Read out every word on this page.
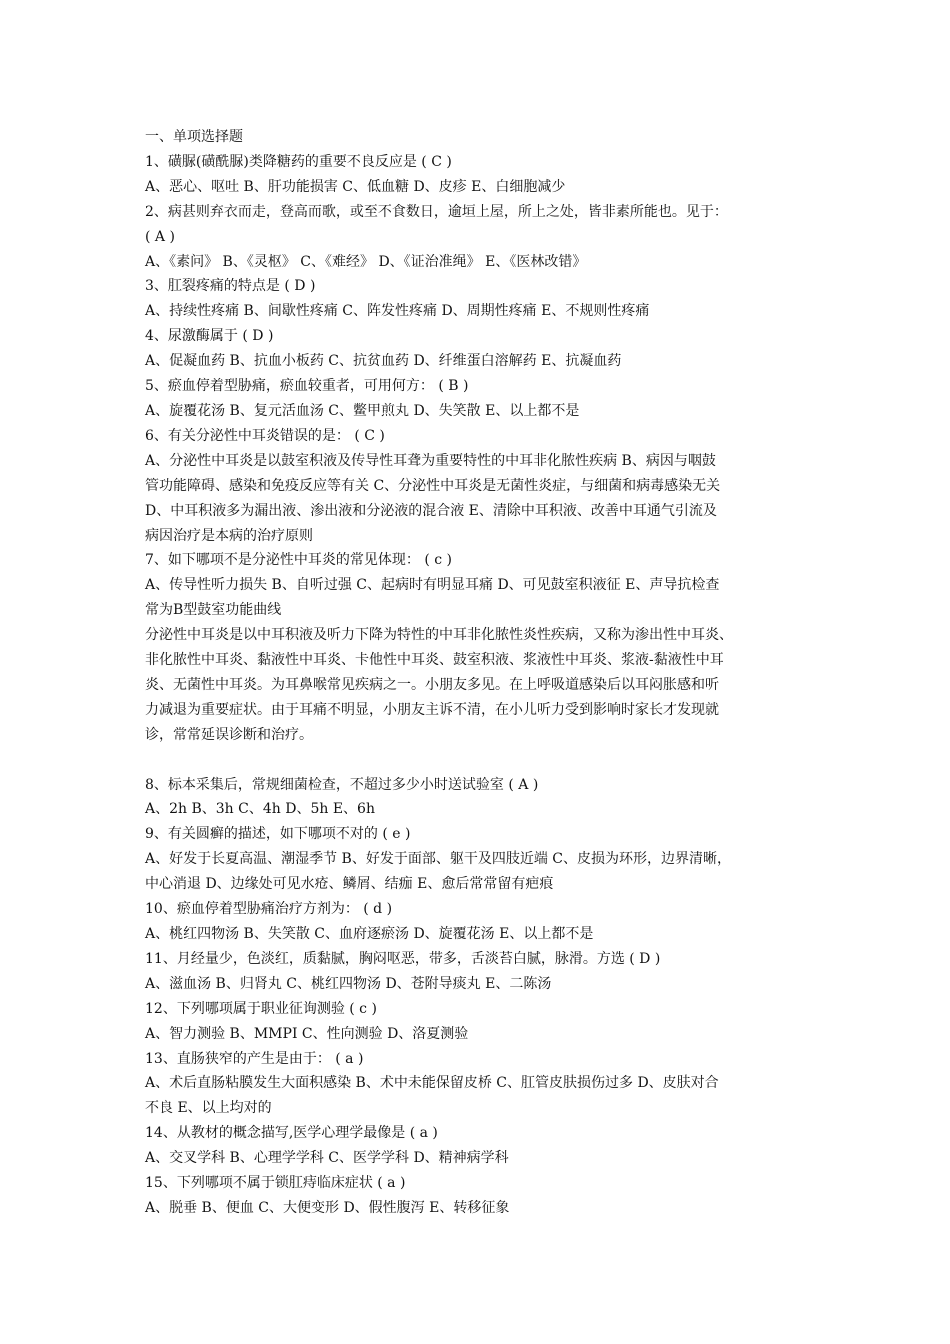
一、单项选择题
1、磺脲(磺酰脲)类降糖药的重要不良反应是 ( C )
A、恶心、呕吐 B、肝功能损害 C、低血糖 D、皮疹 E、白细胞减少
2、病甚则弃衣而走，登高而歌，或至不食数日，逾垣上屋，所上之处，皆非素所能也。见于：
( A )
A、《素问》 B、《灵枢》 C、《难经》 D、《证治准绳》 E、《医林改错》
3、肛裂疼痛的特点是 ( D )
A、持续性疼痛 B、间歇性疼痛 C、阵发性疼痛 D、周期性疼痛 E、不规则性疼痛
4、尿激酶属于 ( D )
A、促凝血药 B、抗血小板药 C、抗贫血药 D、纤维蛋白溶解药 E、抗凝血药
5、瘀血停着型胁痛，瘀血较重者，可用何方： ( B )
A、旋覆花汤 B、复元活血汤 C、鳖甲煎丸 D、失笑散 E、以上都不是
6、有关分泌性中耳炎错误的是： ( C )
A、分泌性中耳炎是以鼓室积液及传导性耳聋为重要特性的中耳非化脓性疾病 B、病因与咽鼓
管功能障碍、感染和免疫反应等有关 C、分泌性中耳炎是无菌性炎症，与细菌和病毒感染无关
D、中耳积液多为漏出液、渗出液和分泌液的混合液 E、清除中耳积液、改善中耳通气引流及
病因治疗是本病的治疗原则
7、如下哪项不是分泌性中耳炎的常见体现： ( c )
A、传导性听力损失 B、自听过强 C、起病时有明显耳痛 D、可见鼓室积液征 E、声导抗检查
常为B型鼓室功能曲线
分泌性中耳炎是以中耳积液及听力下降为特性的中耳非化脓性炎性疾病，又称为渗出性中耳炎、
非化脓性中耳炎、黏液性中耳炎、卡他性中耳炎、鼓室积液、浆液性中耳炎、浆液-黏液性中耳
炎、无菌性中耳炎。为耳鼻喉常见疾病之一。小朋友多见。在上呼吸道感染后以耳闷胀感和听
力减退为重要症状。由于耳痛不明显，小朋友主诉不清，在小儿听力受到影响时家长才发现就
诊，常常延误诊断和治疗。
8、标本采集后，常规细菌检查，不超过多少小时送试验室 ( A )
A、2h B、3h C、4h D、5h E、6h
9、有关圆癣的描述，如下哪项不对的 ( e )
A、好发于长夏高温、潮湿季节 B、好发于面部、躯干及四肢近端 C、皮损为环形，边界清晰，
中心消退 D、边缘处可见水疮、鳞屑、结痂 E、愈后常常留有疤痕
10、瘀血停着型胁痛治疗方剂为： ( d )
A、桃红四物汤 B、失笑散 C、血府逐瘀汤 D、旋覆花汤 E、以上都不是
11、月经量少，色淡红，质黏腻，胸闷呕恶，带多，舌淡苔白腻，脉滑。方选 ( D )
A、滋血汤 B、归肾丸 C、桃红四物汤 D、苍附导痰丸 E、二陈汤
12、下列哪项属于职业征询测验 ( c )
A、智力测验 B、MMPI C、性向测验 D、洛夏测验
13、直肠狭窄的产生是由于： ( a )
A、术后直肠粘膜发生大面积感染 B、术中未能保留皮桥 C、肛管皮肤损伤过多 D、皮肤对合
不良 E、以上均对的
14、从教材的概念描写,医学心理学最像是 ( a )
A、交叉学科 B、心理学学科 C、医学学科 D、精神病学科
15、下列哪项不属于锁肛痔临床症状 ( a )
A、脱垂 B、便血 C、大便变形 D、假性腹泻 E、转移征象
